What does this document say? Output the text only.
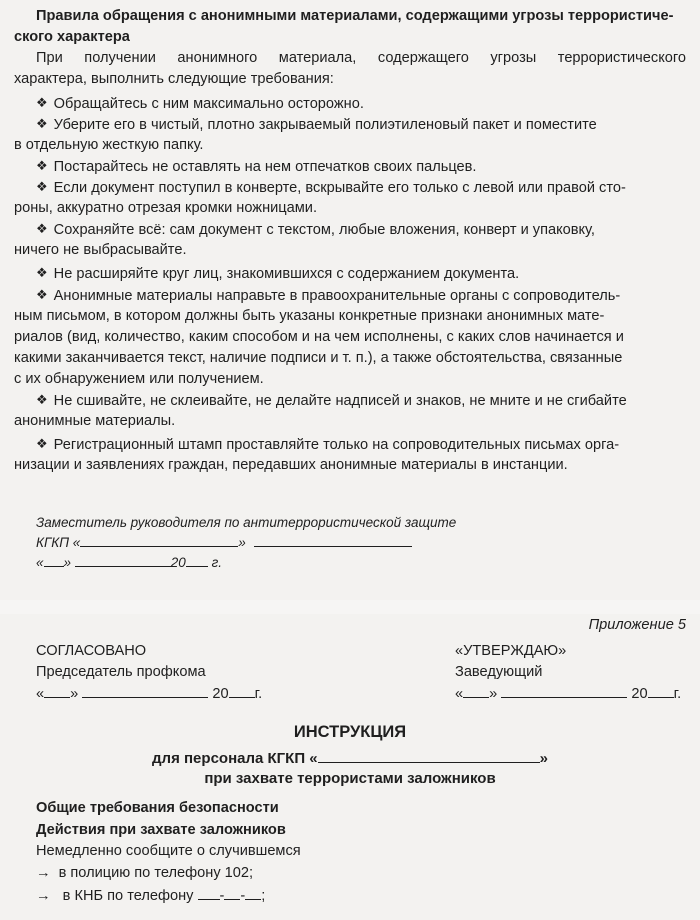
Правила обращения с анонимными материалами, содержащими угрозы террористиче-
ского характера
При получении анонимного материала, содержащего угрозы террористического
характера, выполнить следующие требования:
❖ Обращайтесь с ним максимально осторожно.
❖ Уберите его в чистый, плотно закрываемый полиэтиленовый пакет и поместите
в отдельную жесткую папку.
❖ Постарайтесь не оставлять на нем отпечатков своих пальцев.
❖ Если документ поступил в конверте, вскрывайте его только с левой или правой сто-
роны, аккуратно отрезая кромки ножницами.
❖ Сохраняйте всё: сам документ с текстом, любые вложения, конверт и упаковку,
ничего не выбрасывайте.
❖ Не расширяйте круг лиц, знакомившихся с содержанием документа.
❖ Анонимные материалы направьте в правоохранительные органы с сопроводитель-
ным письмом, в котором должны быть указаны конкретные признаки анонимных мате-
риалов (вид, количество, каким способом и на чем исполнены, с каких слов начинается и
какими заканчивается текст, наличие подписи и т. п.), а также обстоятельства, связанные
с их обнаружением или получением.
❖ Не сшивайте, не склеивайте, не делайте надписей и знаков, не мните и не сгибайте
анонимные материалы.
❖ Регистрационный штамп проставляйте только на сопроводительных письмах орга-
низации и заявлениях граждан, передавших анонимные материалы в инстанции.
Заместитель руководителя по антитеррористической защите
КГКП «	»
« »	20 г.
Приложение 5
СОГЛАСОВАНО
Председатель профкома
« »	20 г.
«УТВЕРЖДАЮ»
Заведующий
« »	20 г.
ИНСТРУКЦИЯ
для персонала КГКП «	»
при захвате террористами заложников
Общие требования безопасности
Действия при захвате заложников
Немедленно сообщите о случившемся
→ в полицию по телефону 102;
→ в КНБ по телефону - - ;
